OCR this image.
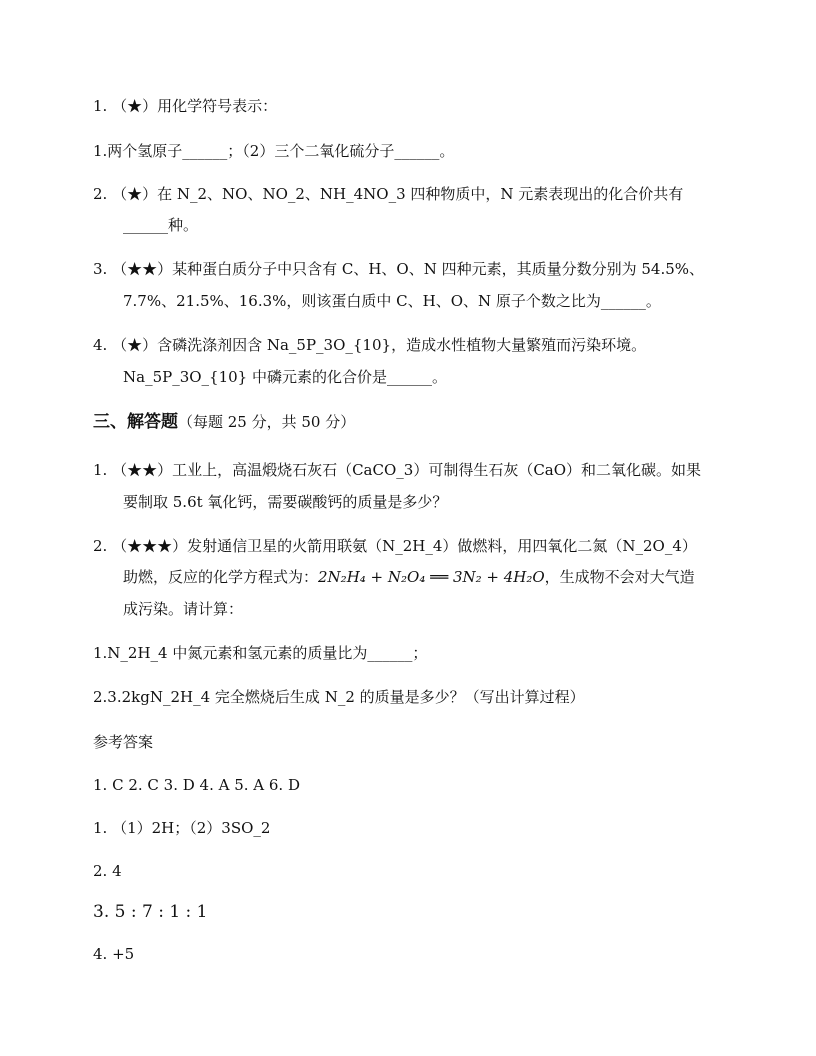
1. （★）用化学符号表示：
1.两个氢原子______；（2）三个二氧化硫分子______。
2. （★）在 N_2、NO、NO_2、NH_4NO_3 四种物质中，N 元素表现出的化合价共有
______种。
3. （★★）某种蛋白质分子中只含有 C、H、O、N 四种元素，其质量分数分别为 54.5%、
7.7%、21.5%、16.3%，则该蛋白质中 C、H、O、N 原子个数之比为______。
4. （★）含磷洗涤剂因含 Na_5P_3O_{10}，造成水性植物大量繁殖而污染环境。
Na_5P_3O_{10} 中磷元素的化合价是______。
三、解答题（每题 25 分，共 50 分）
1. （★★）工业上，高温煅烧石灰石（CaCO_3）可制得生石灰（CaO）和二氧化碳。如果
要制取 5.6t 氧化钙，需要碳酸钙的质量是多少？
2. （★★★）发射通信卫星的火箭用联氨（N_2H_4）做燃料，用四氧化二氮（N_2O_4）
助燃，反应的化学方程式为：2N₂H₄ + N₂O₄ ══ 3N₂ + 4H₂O，生成物不会对大气造
成污染。请计算：
1.N_2H_4 中氮元素和氢元素的质量比为______；
2.3.2kgN_2H_4 完全燃烧后生成 N_2 的质量是多少？（写出计算过程）
参考答案
1. C 2. C 3. D 4. A 5. A 6. D
1. （1）2H；（2）3SO_2
2. 4
3. 5 : 7 : 1 : 1
4. +5
